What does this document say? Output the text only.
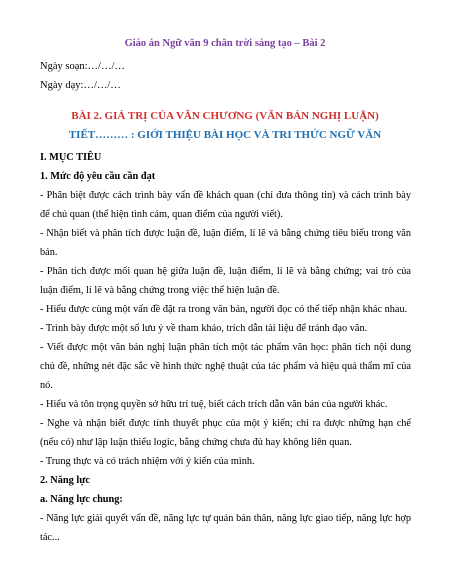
Giáo án Ngữ văn 9 chân trời sáng tạo – Bài 2
Ngày soạn:…/…/…
Ngày dạy:…/…/…
BÀI 2. GIÁ TRỊ CỦA VĂN CHƯƠNG (VĂN BẢN NGHỊ LUẬN)
TIẾT……… : GIỚI THIỆU BÀI HỌC VÀ TRI THỨC NGỮ VĂN

I. MỤC TIÊU

1. Mức độ yêu cầu cần đạt

- Phân biệt được cách trình bày vấn đề khách quan (chỉ đưa thông tin) và cách trình bày để chủ quan (thể hiện tình cảm, quan điểm của người viết).

- Nhận biết và phân tích được luận đề, luận điểm, lí lẽ và bằng chứng tiêu biểu trong văn bản.

- Phân tích được mối quan hệ giữa luận đề, luận điểm, lí lẽ và bằng chứng; vai trò của luận điểm, lí lẽ và bằng chứng trong việc thể hiện luận đề.

- Hiểu được cùng một vấn đề đặt ra trong văn bản, người đọc có thể tiếp nhận khác nhau.

- Trình bày được một số lưu ý về tham khảo, trích dẫn tài liệu để tránh đạo văn.

- Viết được một văn bản nghị luận phân tích một tác phẩm văn học: phân tích nội dung chủ đề, những nét đặc sắc về hình thức nghệ thuật của tác phẩm và hiệu quả thẩm mĩ của nó.

- Hiểu và tôn trọng quyền sở hữu trí tuệ, biết cách trích dẫn văn bản của người khác.

- Nghe và nhận biết được tính thuyết phục của một ý kiến; chỉ ra được những hạn chế (nếu có) như lập luận thiếu logic, bằng chứng chưa đủ hay không liên quan.

- Trung thực và có trách nhiệm với ý kiến của mình.

2. Năng lực

a. Năng lực chung:

- Năng lực giải quyết vấn đề, năng lực tự quản bản thân, năng lực giao tiếp, năng lực hợp tác...
